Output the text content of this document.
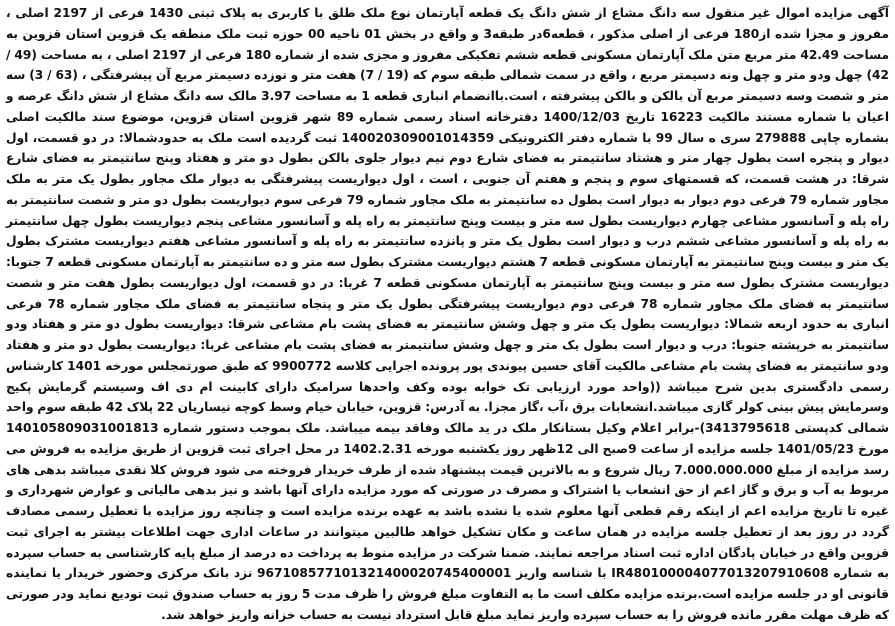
آگهی مزایده اموال غیر منقول سه دانگ مشاع از شش دانگ یک قطعه آپارتمان نوع ملک طلق با کاربری به پلاک ثبتی 1430 فرعی از 2197 اصلی ، مفروز و مجزا شده از180 فرعی از اصلی مذکور ، قطعه6در طبقه3 و واقع در بخش 01 ناحیه 00 حوزه ثبت ملک منطقه یک قزوین استان قزوین به مساحت 42.49 متر مربع متن ملک آپارتمان مسکونی قطعه ششم تفکیکی مفروز و مجزی شده از شماره 180 فرعی از 2197 اصلی ، به مساحت (49 / 42) چهل ودو متر و چهل ونه دسیمتر مربع ، واقع در سمت شمالی طبقه سوم که (19 / 7) هفت متر و نوزده دسیمتر مربع آن پیشرفتگی ، (63 / 3) سه متر و شصت وسه دسیمتر مربع آن بالکن و بالکن پیشرفته ، است.باانضمام انباری قطعه 1 به مساحت 3.97 مالک سه دانگ مشاع از شش دانگ عرصه و اعیان با شماره مستند مالکیت 16223 تاریخ 1400/12/03 دفترخانه اسناد رسمی شماره 89 شهر قزوین استان قزوین، موضوع سند مالکیت اصلی بشماره چاپی 279888 سری ه سال 99 با شماره دفتر الکترونیکی 140020309001014359 ثبت گردیده است ملک به حدودشمالا: در دو قسمت، اول دیوار و پنجره است بطول چهار متر و هشتاد سانتیمتر به فضای شارع دوم نیم دیوار جلوی بالکن بطول دو متر و هفتاد وپنج سانتیمتر به فضای شارع شرقا: در هشت قسمت، که قسمتهای سوم و پنجم و هفتم آن جنوبی ، است ، اول دیواریست پیشرفتگی به دیوار ملک مجاور بطول یک متر به ملک مجاور شماره 79 فرعی دوم دیوار به دیوار است بطول ده سانتیمتر به ملک مجاور شماره 79 فرعی سوم دیواریست بطول دو متر و شصت سانتیمتر به راه پله و آسانسور مشاعی چهارم دیواریست بطول سه متر و بیست وپنج سانتیمتر به راه پله و آسانسور مشاعی پنجم دیواریست بطول چهل سانتیمتر به راه پله و آسانسور مشاعی ششم درب و دیوار است بطول یک متر و پانزده سانتیمتر به راه پله و آسانسور مشاعی هفتم دیواریست مشترک بطول یک متر و بیست وپنج سانتیمتر به آپارتمان مسکونی قطعه 7 هشتم دیواریست مشترک بطول سه متر و ده سانتیمتر به آپارتمان مسکونی قطعه 7 جنوبا: دیواریست مشترک بطول سه متر و بیست وپنج سانتیمتر به آپارتمان مسکونی قطعه 7 غربا: در دو قسمت، اول دیواریست بطول هفت متر و شصت سانتیمتر به فضای ملک مجاور شماره 78 فرعی دوم دیواریست پیشرفتگی بطول یک متر و پنجاه سانتیمتر به فضای ملک مجاور شماره 78 فرعی انباری به حدود اربعه شمالا: دیواریست بطول یک متر و چهل وشش سانتیمتر به فضای پشت بام مشاعی شرقا: دیواریست بطول دو متر و هفتاد ودو سانتیمتر به خرپشته جنوبا: درب و دیوار است بطول یک متر و چهل وشش سانتیمتر به فضای پشت بام مشاعی غربا: دیواریست بطول دو متر و هفتاد ودو سانتیمتر به فضای پشت بام مشاعی مالکیت آقای حسین پیوندی پور پرونده اجرایی کلاسه 9900772 که طبق صورتمجلس مورخه 1401 کارشناس رسمی دادگستری بدین شرح میباشد ((واحد مورد ارزیابی تک خوابه بوده وکف واحدها سرامیک دارای کابینت ام دی اف وسیستم گرمایش پکیج وسرمایش پیش بینی کولر گازی میباشد.انشعابات برق ،آب ،گاز مجزا. به آدرس: قزوین، خیابان خیام وسط کوچه نیساریان 22 پلاک 42 طبقه سوم واحد شمالی کدپستی 3413795618)-برابر اعلام وکیل بستانکار ملک در ید مالک وفاقد بیمه میباشد. ملک بموجب دستور شماره 140105809031001813 مورخ 1401/05/23 جلسه مزایده از ساعت 9صبح الی 12ظهر روز یکشنبه مورخه 1402.2.31 در محل اجرای ثبت قزوین از طریق مزایده به فروش می رسد مزایده از مبلغ 7.000.000.000 ریال شروع و به بالاترین قیمت پیشنهاد شده از طرف خریدار فروخته می شود فروش کلا نقدی میباشد بدهی های مربوط به آب و برق و گاز اعم از حق انشعاب یا اشتراک و مصرف در صورتی که مورد مزایده دارای آنها باشد و نیز بدهی مالیاتی و عوارض شهرداری و غیره تا تاریخ مزایده اعم از اینکه رقم قطعی آنها معلوم شده یا نشده باشد به عهده برنده مزایده است و چنانچه روز مزایده با تعطیل رسمی مصادف گردد در روز بعد از تعطیل جلسه مزایده در همان ساعت و مکان تشکیل خواهد طالبین میتوانند در ساعات اداری جهت اطلاعات بیشتر به اجرای ثبت قزوین واقع در خیابان پادگان اداره ثبت اسناد مراجعه نمایند. ضمنا شرکت در مزایده منوط به پرداخت ده درصد از مبلغ پایه کارشناسی به حساب سپرده به شماره IR480100004077013207910608 با شناسه واریز 967108577101321400020745400001 نزد بانک مرکزی وحضور خریدار یا نماینده قانونی او در جلسه مزایده است.برنده مزایده مکلف است ما به التفاوت مبلغ فروش را ظرف مدت 5 روز به حساب صندوق ثبت تودیع نماید ودر صورتی که ظرف مهلت مقرر مانده فروش را به حساب سپرده واریز نماید مبلغ قابل استرداد نیست به حساب خزانه واریز خواهد شد.
